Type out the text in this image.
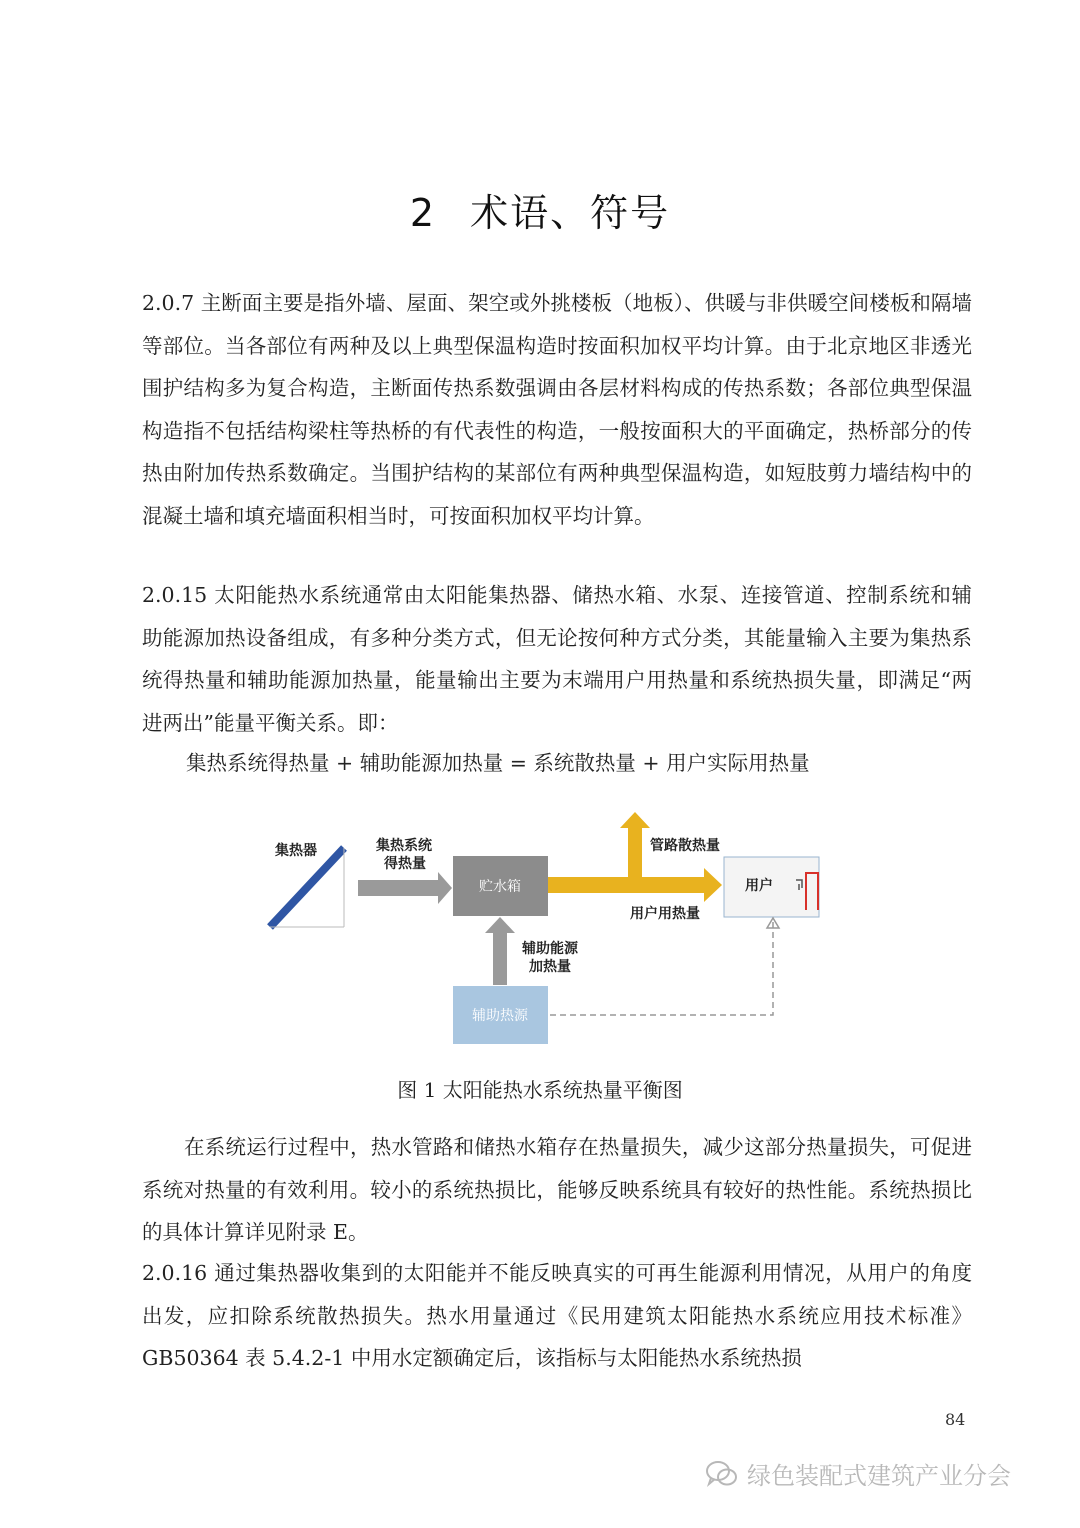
2 术语、符号

2.0.7 主断面主要是指外墙、屋面、架空或外挑楼板（地板）、供暖与非供暖空间楼板和隔墙等部位。当各部位有两种及以上典型保温构造时按面积加权平均计算。由于北京地区非透光围护结构多为复合构造，主断面传热系数强调由各层材料构成的传热系数；各部位典型保温构造指不包括结构梁柱等热桥的有代表性的构造，一般按面积大的平面确定，热桥部分的传热由附加传热系数确定。当围护结构的某部位有两种典型保温构造，如短肢剪力墙结构中的混凝土墙和填充墙面积相当时，可按面积加权平均计算。

2.0.15 太阳能热水系统通常由太阳能集热器、储热水箱、水泵、连接管道、控制系统和辅助能源加热设备组成，有多种分类方式，但无论按何种方式分类，其能量输入主要为集热系统得热量和辅助能源加热量，能量输出主要为末端用户用热量和系统热损失量，即满足“两进两出”能量平衡关系。即：

集热系统得热量 + 辅助能源加热量 = 系统散热量 + 用户实际用热量

集热器	集热系统
得热量
贮水箱
管路散热量
用户用热量
用户
辅助能源
加热量
辅助热源

图 1 太阳能热水系统热量平衡图

在系统运行过程中，热水管路和储热水箱存在热量损失，减少这部分热量损失，可促进系统对热量的有效利用。较小的系统热损比，能够反映系统具有较好的热性能。系统热损比的具体计算详见附录 E。

2.0.16 通过集热器收集到的太阳能并不能反映真实的可再生能源利用情况，从用户的角度出发，应扣除系统散热损失。热水用量通过《民用建筑太阳能热水系统应用技术标准》GB50364 表 5.4.2-1 中用水定额确定后，该指标与太阳能热水系统热损

84

绿色装配式建筑产业分会
